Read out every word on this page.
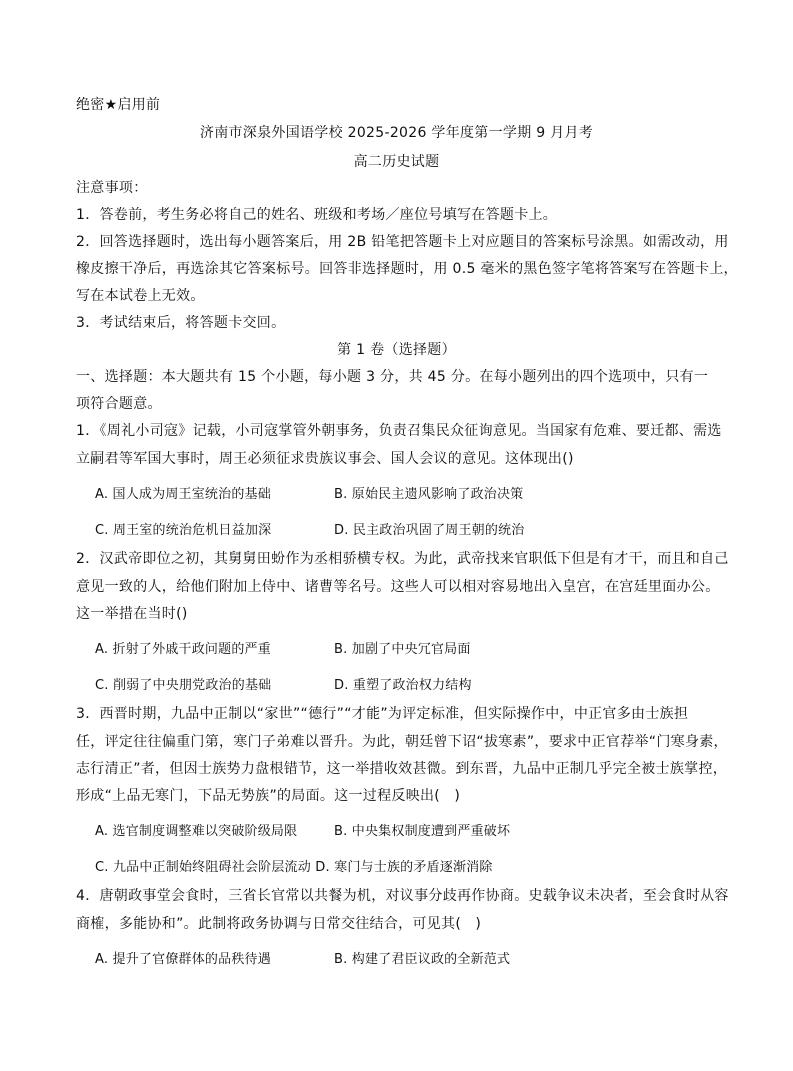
绝密★启用前
济南市深泉外国语学校 2025-2026 学年度第一学期 9 月月考
高二历史试题
注意事项：
1．答卷前，考生务必将自己的姓名、班级和考场／座位号填写在答题卡上。
2．回答选择题时，选出每小题答案后，用 2B 铅笔把答题卡上对应题目的答案标号涂黑。如需改动，用
橡皮擦干净后，再选涂其它答案标号。回答非选择题时，用 0.5 毫米的黑色签字笔将答案写在答题卡上，
写在本试卷上无效。
3．考试结束后，将答题卡交回。
第 1 卷（选择题）
一、选择题：本大题共有 15 个小题，每小题 3 分，共 45 分。在每小题列出的四个选项中，只有一
项符合题意。
1．《周礼小司寇》记载，小司寇掌管外朝事务，负责召集民众征询意见。当国家有危难、要迁都、需选
立嗣君等军国大事时，周王必须征求贵族议事会、国人会议的意见。这体现出()
A. 国人成为周王室统治的基础	B. 原始民主遗风影响了政治决策
C. 周王室的统治危机日益加深	D. 民主政治巩固了周王朝的统治
2．汉武帝即位之初，其舅舅田蚡作为丞相骄横专权。为此，武帝找来官职低下但是有才干，而且和自己
意见一致的人，给他们附加上侍中、诸曹等名号。这些人可以相对容易地出入皇宫，在宫廷里面办公。
这一举措在当时()
A. 折射了外戚干政问题的严重	B. 加剧了中央冗官局面
C. 削弱了中央朋党政治的基础	D. 重塑了政治权力结构
3．西晋时期，九品中正制以“家世”“德行”“才能”为评定标准，但实际操作中，中正官多由士族担
任，评定往往偏重门第，寒门子弟难以晋升。为此，朝廷曾下诏“拔寒素”，要求中正官荐举“门寒身素，
志行清正”者，但因士族势力盘根错节，这一举措收效甚微。到东晋，九品中正制几乎完全被士族掌控，
形成“上品无寒门，下品无势族”的局面。这一过程反映出(　)
A. 选官制度调整难以突破阶级局限	B. 中央集权制度遭到严重破坏
C. 九品中正制始终阻碍社会阶层流动 D. 寒门与士族的矛盾逐渐消除
4．唐朝政事堂会食时，三省长官常以共餐为机，对议事分歧再作协商。史载争议未决者，至会食时从容
商榷，多能协和”。此制将政务协调与日常交往结合，可见其(　)
A. 提升了官僚群体的品秩待遇	B. 构建了君臣议政的全新范式
